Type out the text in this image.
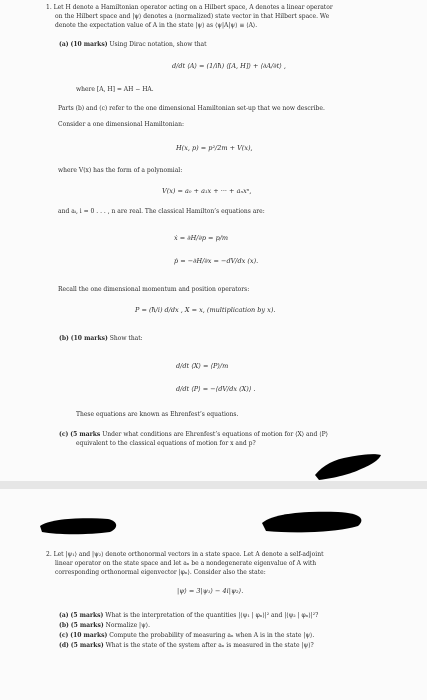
1. Let H denote a Hamiltonian operator acting on a Hilbert space, A denotes a linear operator
on the Hilbert space and |ψ⟩ denotes a (normalized) state vector in that Hilbert space. We
denote the expectation value of A in the state |ψ⟩ as ⟨ψ|A|ψ⟩ ≡ ⟨A⟩.
(a) (10 marks) Using Dirac notation, show that
d/dt ⟨A⟩ = (1/iħ) ⟨[A, H]⟩ + ⟨∂A/∂t⟩ ,
where [A, H] = AH − HA.
Parts (b) and (c) refer to the one dimensional Hamiltonian set-up that we now describe.
Consider a one dimensional Hamiltonian:
H(x, p) = p²/2m + V(x),
where V(x) has the form of a polynomial:
V(x) = a₀ + a₁x + ··· + aₙxⁿ,
and aᵢ, i = 0 . . . , n are real. The classical Hamilton’s equations are:
ẋ = ∂H/∂p = p/m
ṗ = −∂H/∂x = −dV/dx (x).
Recall the one dimensional momentum and position operators:
P = (ħ/i) d/dx , X = x, (multiplication by x).
(b) (10 marks) Show that:
d/dt ⟨X⟩ = ⟨P⟩/m
d/dt ⟨P⟩ = −⟨dV/dx (X)⟩ .
These equations are known as Ehrenfest’s equations.
(c) (5 marks Under what conditions are Ehrenfest’s equations of motion for ⟨X⟩ and ⟨P⟩
equivalent to the classical equations of motion for x and p?
2. Let |ψ₁⟩ and |ψ₂⟩ denote orthonormal vectors in a state space. Let A denote a self-adjoint
linear operator on the state space and let aₙ be a nondegenerate eigenvalue of A with
corresponding orthonormal eigenvector |φₙ⟩. Consider also the state:
|ψ⟩ = 3|ψ₁⟩ − 4i|ψ₂⟩.
(a) (5 marks) What is the interpretation of the quantities |⟨ψ₁ | φₙ⟩|² and |⟨ψ₂ | φₙ⟩|²?
(b) (5 marks) Normalize |ψ⟩.
(c) (10 marks) Compute the probability of measuring aₙ when A is in the state |ψ⟩.
(d) (5 marks) What is the state of the system after aₙ is measured in the state |ψ⟩?
